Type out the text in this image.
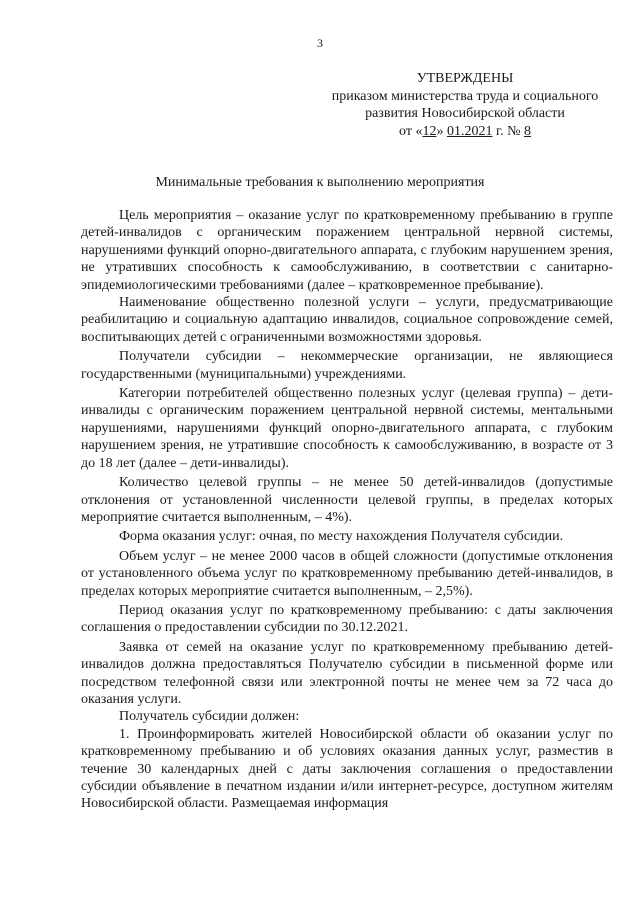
3
УТВЕРЖДЕНЫ
приказом министерства труда и социального
развития Новосибирской области
от «12» 01.2021 г. № 8
Минимальные требования к выполнению мероприятия

Цель мероприятия – оказание услуг по кратковременному пребыванию в группе детей-инвалидов с органическим поражением центральной нервной системы, нарушениями функций опорно-двигательного аппарата, с глубоким нарушением зрения, не утративших способность к самообслуживанию, в соответствии с санитарно-эпидемиологическими требованиями (далее – кратковременное пребывание).

Наименование общественно полезной услуги – услуги, предусматривающие реабилитацию и социальную адаптацию инвалидов, социальное сопровождение семей, воспитывающих детей с ограниченными возможностями здоровья.

Получатели субсидии – некоммерческие организации, не являющиеся государственными (муниципальными) учреждениями.

Категории потребителей общественно полезных услуг (целевая группа) – дети-инвалиды с органическим поражением центральной нервной системы, ментальными нарушениями, нарушениями функций опорно-двигательного аппарата, с глубоким нарушением зрения, не утратившие способность к самообслуживанию, в возрасте от 3 до 18 лет (далее – дети-инвалиды).

Количество целевой группы – не менее 50 детей-инвалидов (допустимые отклонения от установленной численности целевой группы, в пределах которых мероприятие считается выполненным, – 4%).

Форма оказания услуг: очная, по месту нахождения Получателя субсидии.

Объем услуг – не менее 2000 часов в общей сложности (допустимые отклонения от установленного объема услуг по кратковременному пребыванию детей-инвалидов, в пределах которых мероприятие считается выполненным, – 2,5%).

Период оказания услуг по кратковременному пребыванию: с даты заключения соглашения о предоставлении субсидии по 30.12.2021.

Заявка от семей на оказание услуг по кратковременному пребыванию детей-инвалидов должна предоставляться Получателю субсидии в письменной форме или посредством телефонной связи или электронной почты не менее чем за 72 часа до оказания услуги.

Получатель субсидии должен:

1. Проинформировать жителей Новосибирской области об оказании услуг по кратковременному пребыванию и об условиях оказания данных услуг, разместив в течение 30 календарных дней с даты заключения соглашения о предоставлении субсидии объявление в печатном издании и/или интернет-ресурсе, доступном жителям Новосибирской области. Размещаемая информация
